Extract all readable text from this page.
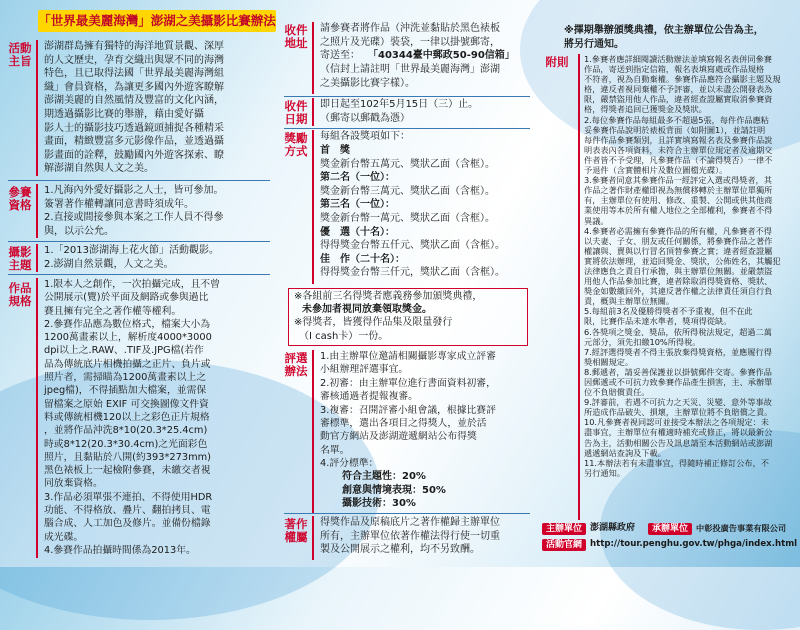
「世界最美麗海灣」澎湖之美攝影比賽辦法
活動
主旨
澎湖群島擁有獨特的海洋地質景觀、深厚
的人文歷史，孕育交織出與眾不同的海灣
特色，且已取得法國「世界最美麗海灣組
織」會員資格，為讓更多國內外遊客瞭解
澎湖美麗的自然風情及豐富的文化內涵，
期透過攝影比賽的舉辦，藉由愛好攝
影人士的攝影技巧透過鏡頭捕捉各種精采
畫面，精緻豐富多元影像作品，並透過攝
影畫面的詮釋，鼓勵國內外遊客探索、瞭
解澎湖自然與人文之美。
參賽
資格
1.凡海內外愛好攝影之人士，皆可參加。
簽署著作權轉讓同意書時須成年。
2.直接或間接參與本案之工作人員不得參
與，以示公允。
攝影
主題
1.「2013澎湖海上花火節」活動觀影。
2.澎湖自然景觀，人文之美。
作品
規格
1.限本人之創作，一次拍攝完成，且不曾
公開展示(覽)於平面及網路或參與過比
賽且擁有完全之著作權等權利。
2.參賽作品應為數位格式，檔案大小為
1200萬畫素以上，解析度4000*3000
dpi以上之.RAW、.TIF及.JPG檔(若作
品為傳統底片相機拍攝之正片、負片或
照片者，需掃瞄為1200萬畫素以上之
jpeg檔)，不得插點加大檔案，並需保
留檔案之原始 EXIF 可交換圖像文件資
料或傳統相機120以上之彩色正片規格
，並將作品沖洗8*10(20.3*25.4cm)
時或8*12(20.3*30.4cm)之光面彩色
照片，且黏貼於八開(約393*273mm)
黑色裱板上一起檢附參賽，未繳交者視
同放棄資格。
3.作品必須單張不連拍、不得使用HDR
功能、不得格放、疊片、翻拍拷貝、電
腦合成、人工加色及修片。並備份檔錄
成光碟。
4.參賽作品拍攝時間係為2013年。
收件
地址
請參賽者將作品（沖洗並黏貼於黑色裱板
之照片及光碟）裝袋，一律以掛號郵寄，
寄送至： 「40344臺中郵政50-90信箱」
（信封上請註明「世界最美麗海灣」澎湖
之美攝影比賽字樣）。
收件
日期
即日起至102年5月15日（三）止。
（郵寄以郵戳為憑）
獎勵
方式
每組各設獎項如下：
首　獎
獎金新台幣五萬元、獎狀乙面（含框）。
第二名（一位）：
獎金新台幣三萬元、獎狀乙面（含框）。
第三名（一位）：
獎金新台幣一萬元、獎狀乙面（含框）。
優　選（十名）：
得得獎金台幣五仟元、獎狀乙面（含框）。
佳　作（二十名）：
得得獎金台幣三仟元，獎狀乙面（含框）。
※各組前三名得獎者應義務參加頒獎典禮，
未參加者視同放棄領取獎金。
※得獎者，皆獲得作品集及限量發行
　（I cash卡）一份。
評選
辦法
1.由主辦單位邀請相關攝影專家成立評審
小組辦理評選事宜。
2.初審：由主辦單位進行書面資料初審，
審核通過者提報複審。
3.複審：召開評審小組會議，根據比賽評
審標準，選出各項目之得獎人，並於活
動官方網站及澎湖遊遞網站公布得獎
名單。
4.評分標準：
符合主題性：20%
創意與情境表現：50%
攝影技術：30%
著作
權屬
得獎作品及原稿底片之著作權歸主辦單位
所有，主辦單位依著作權法得行使一切重
製及公開展示之權利，均不另致酬。
※擇期舉辦頒獎典禮，依主辦單位公告為主，
將另行通知。
附則	1.參賽者應詳細閱讀活動辦法並填寫報名表併同參賽
作品，寄送到指定信箱，報名表填寫處或作品規格
不符者，視為自動棄權。參賽作品應符合攝影主題及規
格，違反者視同棄權不予評審，並以未盡公開發表為
限，嚴禁盜用他人作品，違者經查證屬實取消參賽資
格，得獎者追回已獲獎金及獎狀。
2.每位參賽作品每組最多不超過5張，每件作品應粘
妥參賽作品說明於裱板背面（如附圖1），並請註明
每件作品參賽類別，且詳實填寫報名表及參賽作品說
明表表內各項資料，未符合主辦單位規定者及逾期交
件者皆不予受理，凡參賽作品（不論得獎否）一律不
予退件（含實體相片及數位圖檔光碟）。
3.參賽者同意其參賽作品一經評定入選或得獎者，其
作品之著作財產權即視為無償移轉於主辦單位單獨所
有，主辦單位有使用、修改、重製、公開或供其他商
業使用等本於所有權人地位之全部權利，參賽者不得
異議。
4.參賽者必需擁有參賽作品的所有權，凡參賽者不得
以夫妻、子女、朋友或任何關係，將參賽作品之著作
權讓與、賣與以行冒名頂替參賽之實；違者經查證屬
實將依法辦理，並追回獎金、獎狀，公佈姓名，其觸犯
法律應負之責自行承擔，與主辦單位無關。並嚴禁盜
用他人作品參加比賽，違者除取消得獎資格、獎狀、
獎金如數繳回外，其違反著作權之法律責任須自行負
責，概與主辦單位無關。
5.每組前3名及優勝得獎者不予重複，但不在此
限，比賽作品未達水準者，獎項得從缺。
6.各獎項之獎金、獎品，依所得稅法規定，超過二萬
元部分，須先扣繳10%所得稅。
7.經評選得獎者不得主張放棄得獎資格，並應履行得
獎相關規定。
8.郵遞者，請妥善保護並以掛號郵件交寄。參賽作品
因郵遞或不可抗力致參賽作品產生損害，主、承辦單
位不負賠償責任。
9.評審前，若遇不可抗力之天災、災變、意外等事故
所造成作品破失、損壞，主辦單位將不負賠償之責。
10.凡參賽者視同認可並接受本辦法之各項規定：未
盡事宜，主辦單位有權適時補充或修正，將以最新公
告為主，活動相關公告及訊息請至本活動網站或澎湖
遞遞網站查詢及下載。
11.本辦法若有未盡事宜，得隨時補正修訂公布，不
另行通知。
主辦單位 澎湖縣政府	承辦單位 中彰投廣告事業有限公司
活動官網 http://tour.penghu.gov.tw/phga/index.html
